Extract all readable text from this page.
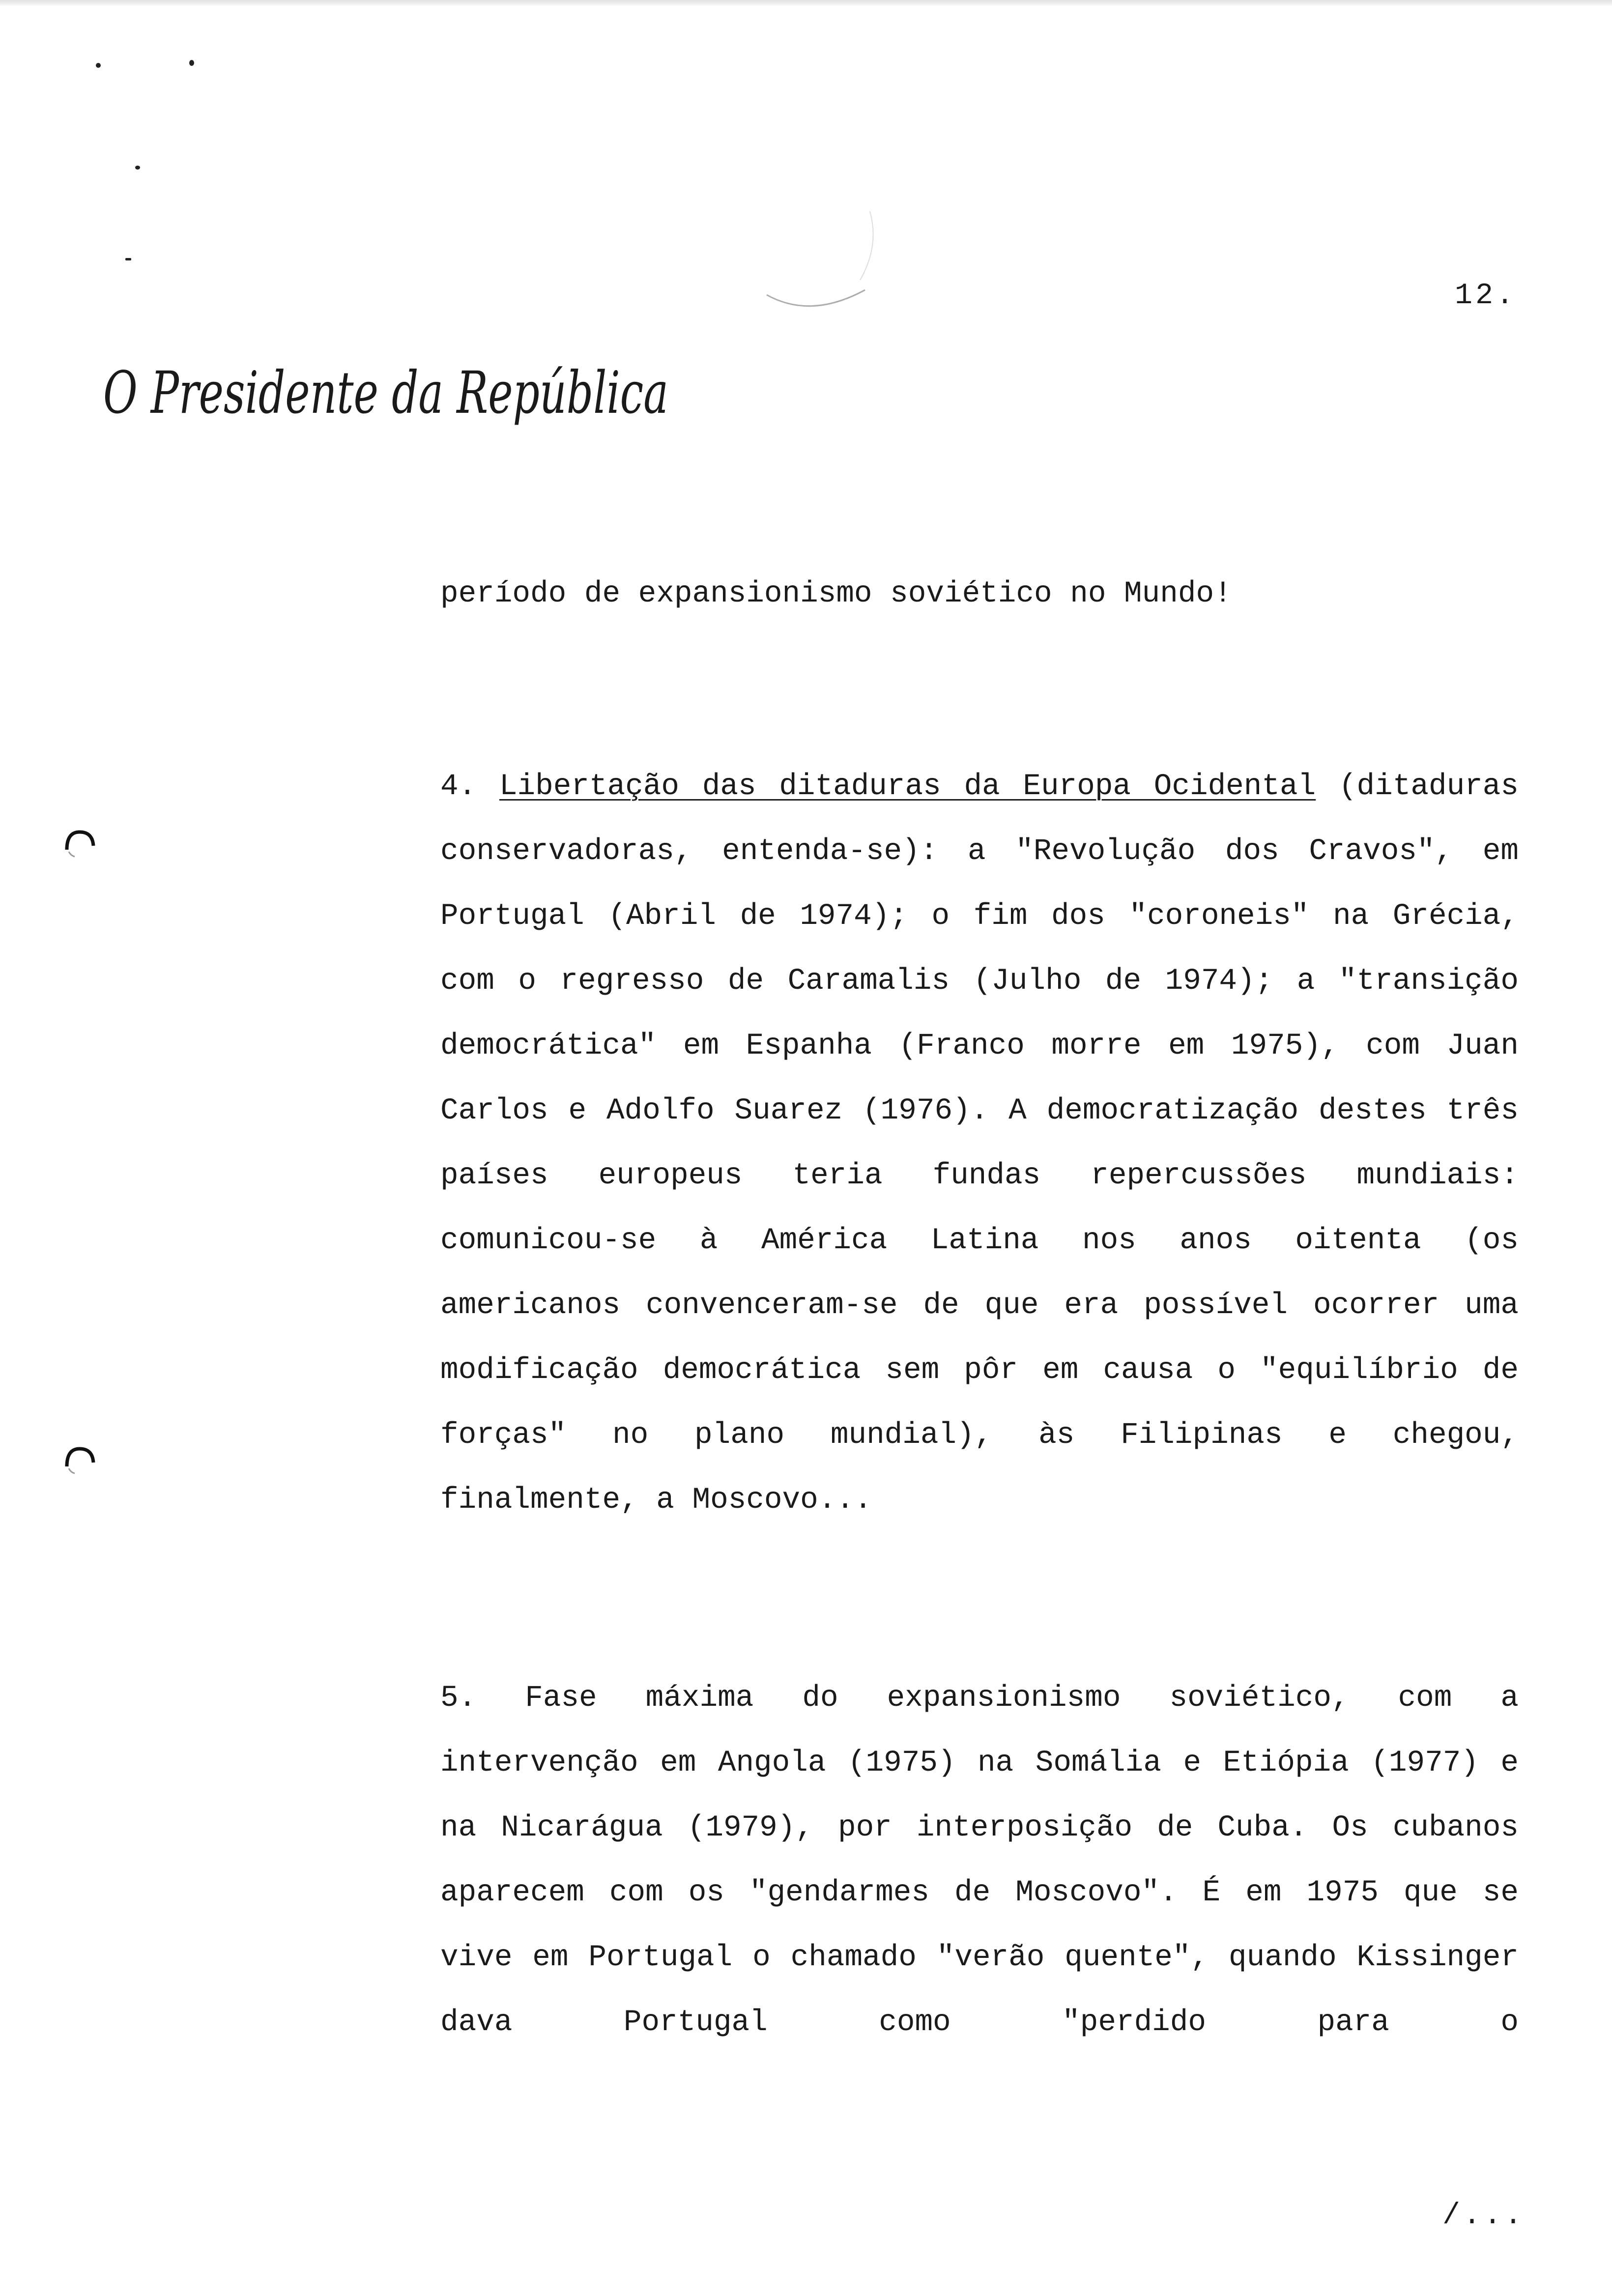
12.
O Presidente da República

período de expansionismo soviético no Mundo!

4. Libertação das ditaduras da Europa Ocidental (ditaduras conservadoras, entenda-se): a "Revolução dos Cravos", em Portugal (Abril de 1974); o fim dos "coroneis" na Grécia, com o regresso de Caramalis (Julho de 1974); a "transição democrática" em Espanha (Franco morre em 1975), com Juan Carlos e Adolfo Suarez (1976). A democratização destes três países europeus teria fundas repercussões mundiais: comunicou-se à América Latina nos anos oitenta (os americanos convenceram-se de que era possível ocorrer uma modificação democrática sem pôr em causa o "equilíbrio de forças" no plano mundial), às Filipinas e chegou, finalmente, a Moscovo...

5. Fase máxima do expansionismo soviético, com a intervenção em Angola (1975) na Somália e Etiópia (1977) e na Nicarágua (1979), por interposição de Cuba. Os cubanos aparecem com os "gendarmes de Moscovo". É em 1975 que se vive em Portugal o chamado "verão quente", quando Kissinger dava Portugal como "perdido para o

/...
